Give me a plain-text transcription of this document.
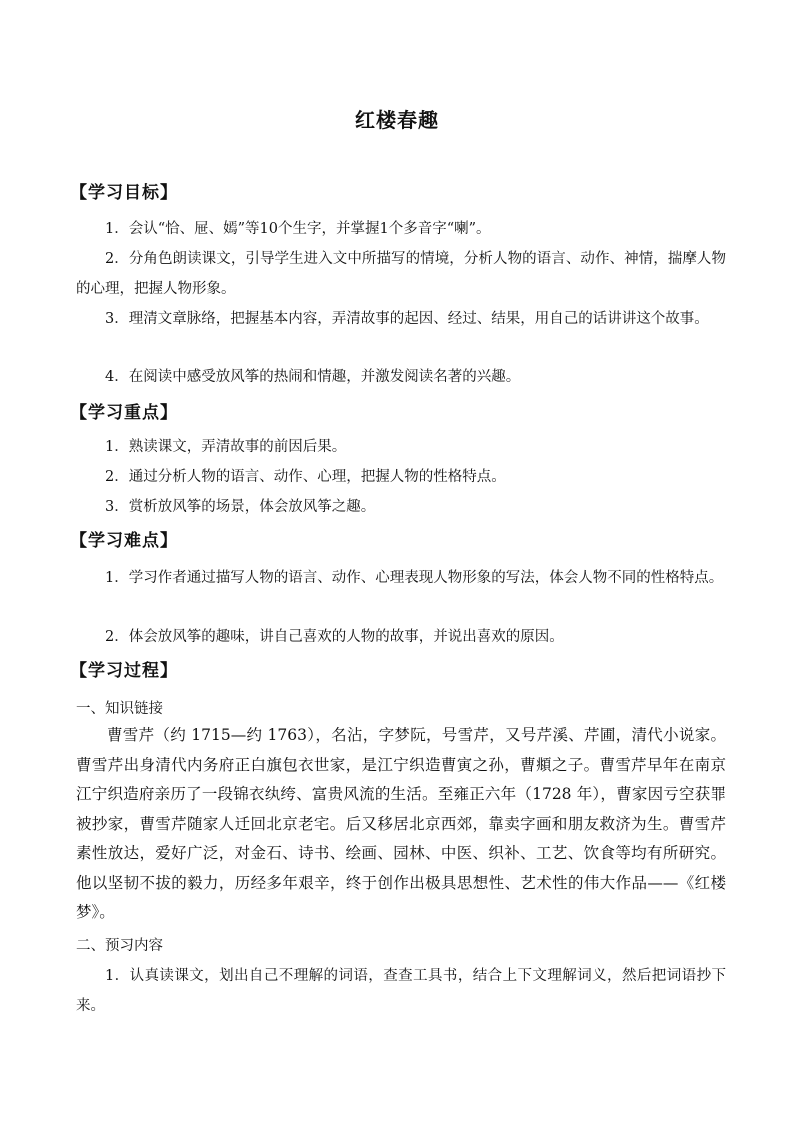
红楼春趣
【学习目标】
1．会认“恰、屉、嫣”等10个生字，并掌握1个多音字“喇”。
2．分角色朗读课文，引导学生进入文中所描写的情境，分析人物的语言、动作、神情，揣摩人物的心理，把握人物形象。
3．理清文章脉络，把握基本内容，弄清故事的起因、经过、结果，用自己的话讲讲这个故事。
4．在阅读中感受放风筝的热闹和情趣，并激发阅读名著的兴趣。
【学习重点】
1．熟读课文，弄清故事的前因后果。
2．通过分析人物的语言、动作、心理，把握人物的性格特点。
3．赏析放风筝的场景，体会放风筝之趣。
【学习难点】
1．学习作者通过描写人物的语言、动作、心理表现人物形象的写法，体会人物不同的性格特点。
2．体会放风筝的趣味，讲自己喜欢的人物的故事，并说出喜欢的原因。
【学习过程】
一、知识链接
曹雪芹（约 1715—约 1763），名沾，字梦阮，号雪芹，又号芹溪、芹圃，清代小说家。曹雪芹出身清代内务府正白旗包衣世家，是江宁织造曹寅之孙，曹頫之子。曹雪芹早年在南京江宁织造府亲历了一段锦衣纨绔、富贵风流的生活。至雍正六年（1728 年），曹家因亏空获罪被抄家，曹雪芹随家人迁回北京老宅。后又移居北京西郊，靠卖字画和朋友救济为生。曹雪芹素性放达，爱好广泛，对金石、诗书、绘画、园林、中医、织补、工艺、饮食等均有所研究。他以坚韧不拔的毅力，历经多年艰辛，终于创作出极具思想性、艺术性的伟大作品——《红楼梦》。
二、预习内容
1．认真读课文，划出自己不理解的词语，查查工具书，结合上下文理解词义，然后把词语抄下来。
